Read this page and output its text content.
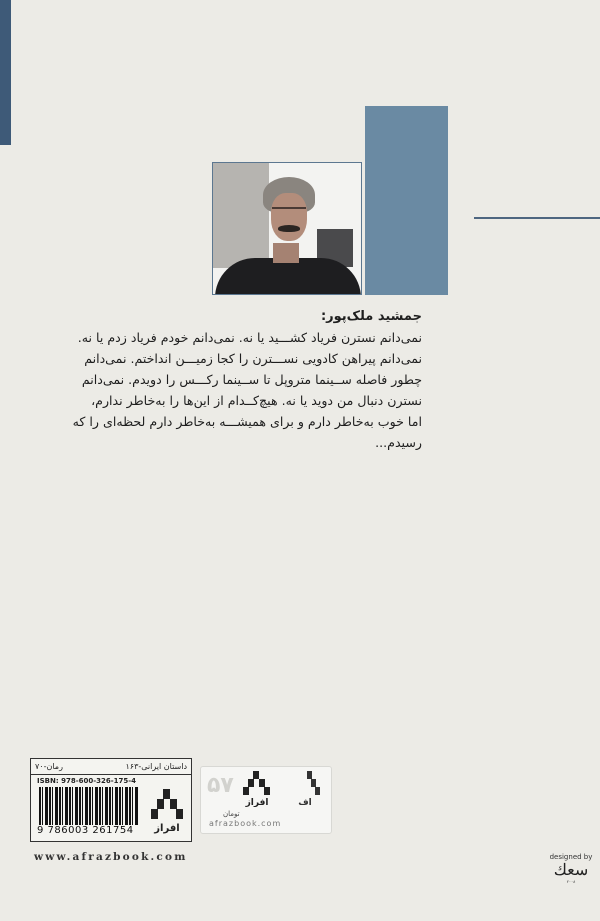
جمشید ملک‌پور:
نمی‌دانم نسترن فریاد کشـــید یا نه. نمی‌دانم خودم فریاد زدم یا نه.
نمی‌دانم پیراهن کادویی نســـترن را کجا زمیـــن انداختم. نمی‌دانم
چطور فاصله ســینما متروپل تا ســینما رکـــس را دویدم. نمی‌دانم
نسترن دنبال من دوید یا نه. هیچ‌کــدام از این‌ها را به‌خاطر ندارم،
اما خوب به‌خاطر دارم و برای همیشـــه به‌خاطر دارم لحظه‌ای را که
رسیدم...
داستان ایرانی-۱۶۳
رمان-۷۰
ISBN: 978-600-326-175-4
9 786003 261754 افراز
www.afrazbook.com
۵۷
افراز	اف
تومان
afrazbook.com
designed by
ﺳﻌﻚ
۲۰۰۸
